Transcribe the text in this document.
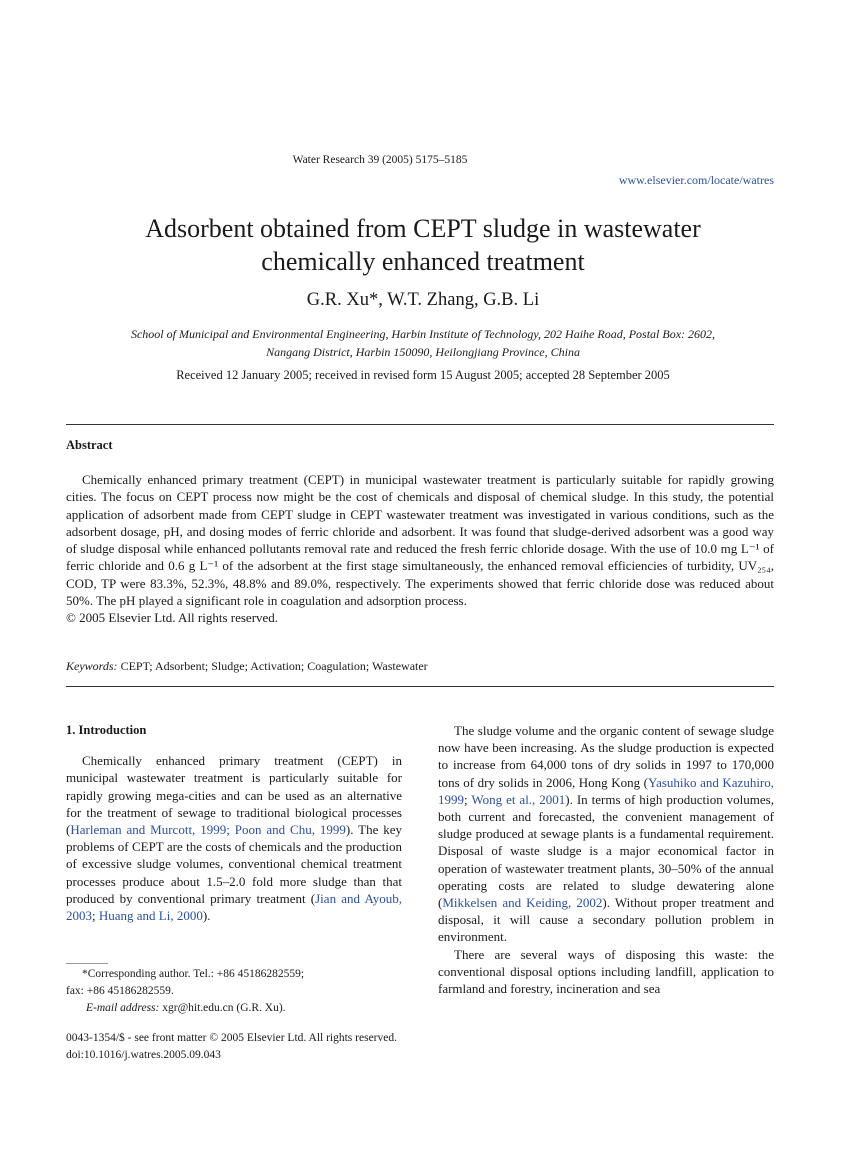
Water Research 39 (2005) 5175–5185
www.elsevier.com/locate/watres
Adsorbent obtained from CEPT sludge in wastewater
chemically enhanced treatment
G.R. Xu*, W.T. Zhang, G.B. Li
School of Municipal and Environmental Engineering, Harbin Institute of Technology, 202 Haihe Road, Postal Box: 2602,
Nangang District, Harbin 150090, Heilongjiang Province, China
Received 12 January 2005; received in revised form 15 August 2005; accepted 28 September 2005
Abstract

Chemically enhanced primary treatment (CEPT) in municipal wastewater treatment is particularly suitable for rapidly growing cities. The focus on CEPT process now might be the cost of chemicals and disposal of chemical sludge. In this study, the potential application of adsorbent made from CEPT sludge in CEPT wastewater treatment was investigated in various conditions, such as the adsorbent dosage, pH, and dosing modes of ferric chloride and adsorbent. It was found that sludge-derived adsorbent was a good way of sludge disposal while enhanced pollutants removal rate and reduced the fresh ferric chloride dosage. With the use of 10.0 mg L⁻¹ of ferric chloride and 0.6 g L⁻¹ of the adsorbent at the first stage simultaneously, the enhanced removal efficiencies of turbidity, UV₂₅₄, COD, TP were 83.3%, 52.3%, 48.8% and 89.0%, respectively. The experiments showed that ferric chloride dose was reduced about 50%. The pH played a significant role in coagulation and adsorption process.

© 2005 Elsevier Ltd. All rights reserved.

Keywords: CEPT; Adsorbent; Sludge; Activation; Coagulation; Wastewater

1. Introduction

Chemically enhanced primary treatment (CEPT) in municipal wastewater treatment is particularly suitable for rapidly growing mega-cities and can be used as an alternative for the treatment of sewage to traditional biological processes (Harleman and Murcott, 1999; Poon and Chu, 1999). The key problems of CEPT are the costs of chemicals and the production of excessive sludge volumes, conventional chemical treatment processes produce about 1.5–2.0 fold more sludge than that produced by conventional primary treatment (Jian and Ayoub, 2003; Huang and Li, 2000).

*Corresponding author. Tel.: +86 45186282559;

fax: +86 45186282559.

E-mail address: xgr@hit.edu.cn (G.R. Xu).

The sludge volume and the organic content of sewage sludge now have been increasing. As the sludge production is expected to increase from 64,000 tons of dry solids in 1997 to 170,000 tons of dry solids in 2006, Hong Kong (Yasuhiko and Kazuhiro, 1999; Wong et al., 2001). In terms of high production volumes, both current and forecasted, the convenient management of sludge produced at sewage plants is a fundamental requirement. Disposal of waste sludge is a major economical factor in operation of wastewater treatment plants, 30–50% of the annual operating costs are related to sludge dewatering alone (Mikkelsen and Keiding, 2002). Without proper treatment and disposal, it will cause a secondary pollution problem in environment.

There are several ways of disposing this waste: the conventional disposal options including landfill, application to farmland and forestry, incineration and sea

0043-1354/$ - see front matter © 2005 Elsevier Ltd. All rights reserved.

doi:10.1016/j.watres.2005.09.043
